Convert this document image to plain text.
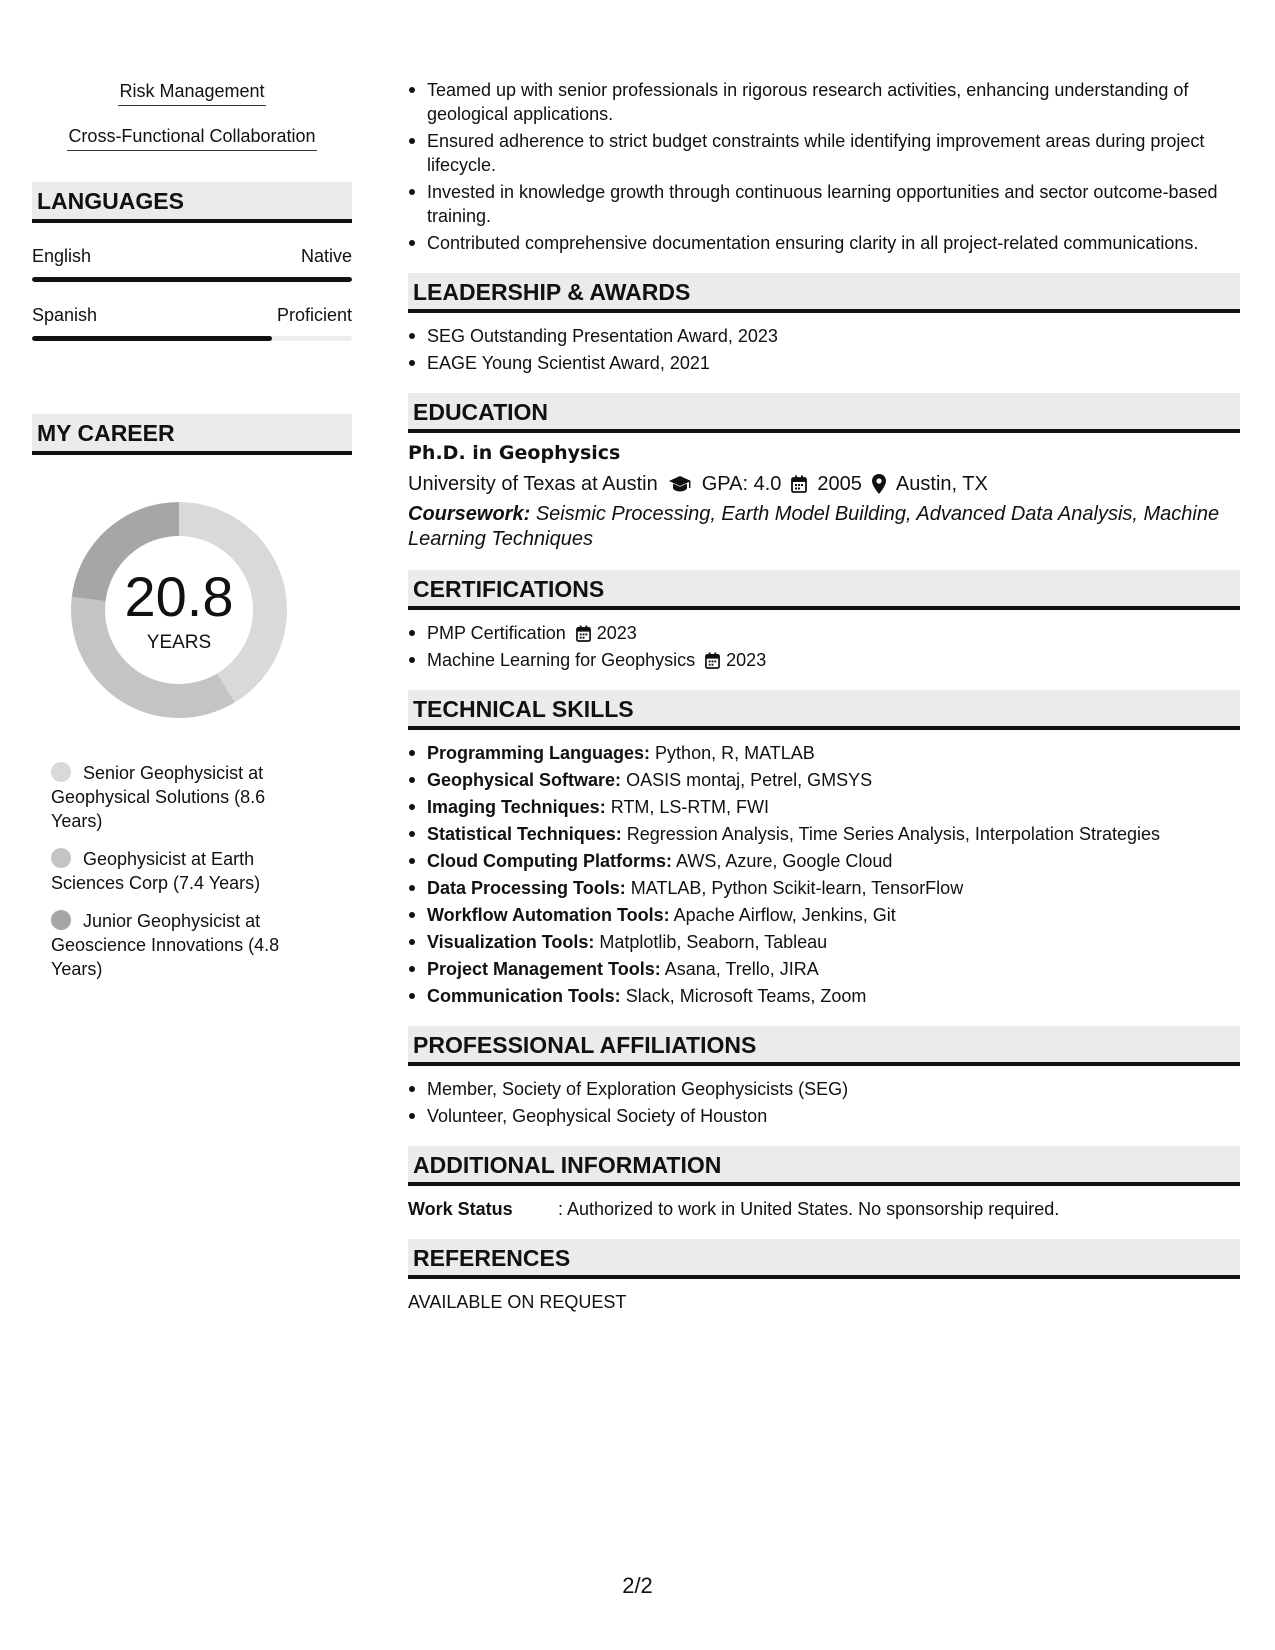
Risk Management
Cross-Functional Collaboration
LANGUAGES
English	Native
Spanish	Proficient
MY CAREER
20.8
YEARS
Senior Geophysicist at Geophysical Solutions (8.6 Years)
Geophysicist at Earth Sciences Corp (7.4 Years)
Junior Geophysicist at Geoscience Innovations (4.8 Years)
Teamed up with senior professionals in rigorous research activities, enhancing understanding of geological applications.
Ensured adherence to strict budget constraints while identifying improvement areas during project lifecycle.
Invested in knowledge growth through continuous learning opportunities and sector outcome-based training.
Contributed comprehensive documentation ensuring clarity in all project-related communications.
LEADERSHIP & AWARDS
SEG Outstanding Presentation Award, 2023
EAGE Young Scientist Award, 2021
EDUCATION
Ph.D. in Geophysics
University of Texas at Austin GPA: 4.0 2005 Austin, TX
Coursework: Seismic Processing, Earth Model Building, Advanced Data Analysis, Machine Learning Techniques
CERTIFICATIONS
PMP Certification 2023
Machine Learning for Geophysics 2023
TECHNICAL SKILLS
Programming Languages: Python, R, MATLAB
Geophysical Software: OASIS montaj, Petrel, GMSYS
Imaging Techniques: RTM, LS-RTM, FWI
Statistical Techniques: Regression Analysis, Time Series Analysis, Interpolation Strategies
Cloud Computing Platforms: AWS, Azure, Google Cloud
Data Processing Tools: MATLAB, Python Scikit-learn, TensorFlow
Workflow Automation Tools: Apache Airflow, Jenkins, Git
Visualization Tools: Matplotlib, Seaborn, Tableau
Project Management Tools: Asana, Trello, JIRA
Communication Tools: Slack, Microsoft Teams, Zoom
PROFESSIONAL AFFILIATIONS
Member, Society of Exploration Geophysicists (SEG)
Volunteer, Geophysical Society of Houston
ADDITIONAL INFORMATION
Work Status	: Authorized to work in United States. No sponsorship required.
REFERENCES
AVAILABLE ON REQUEST
2/2
